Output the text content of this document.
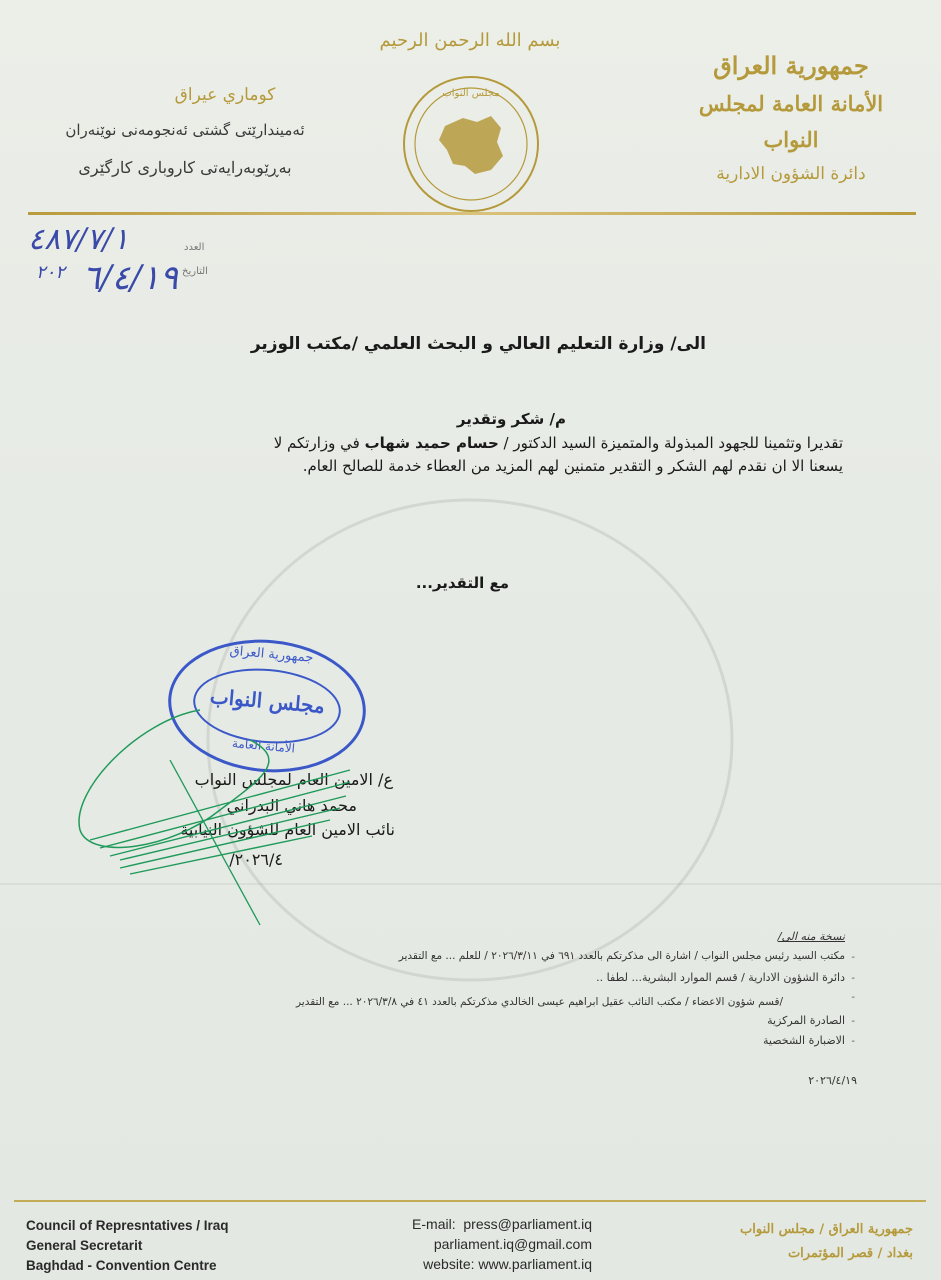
جمهورية العراق
الأمانة العامة لمجلس النواب
دائرة الشؤون الادارية
بسم الله الرحمن الرحيم
مجلس النواب
كوماري عيراق
ئه‌میندارێتی گشتی ئه‌نجومه‌نی نوێنه‌ران
به‌ڕێوبه‌رایه‌تی كاروباری كارگێری
٤٨٧/٧/١	العدد
٢٠٢ ٦/٤/١٩ التاريخ
الى/ وزارة التعليم العالي و البحث العلمي /مكتب الوزير
م/ شكر وتقدير
تقديرا وتثمينا للجهود المبذولة والمتميزة السيد الدكتور / حسام حميد شهاب في وزارتكم لا
يسعنا الا ان نقدم لهم الشكر و التقدير متمنين لهم المزيد من العطاء خدمة للصالح العام.
مع التقدير...
جمهورية العراق
مجلس النواب
الأمانة العامة
ع/ الامين العام لمجلس النواب
محمد هاني البدراني
نائب الامين العام للشؤون النيابية
٢٠٢٦/٤/
نسخة منه الى/
مكتب السيد رئيس مجلس النواب / اشارة الى مذكرتكم بالعدد ٦٩١ في ٢٠٢٦/٣/١١ / للعلم ... مع التقدير
دائرة الشؤون الادارية / قسم الموارد البشرية... لطفا ..
/قسم شؤون الاعضاء / مكتب النائب عقيل ابراهيم عيسى الخالدي مذكرتكم بالعدد ٤١ في ٢٠٢٦/٣/٨ ... مع التقدير
الصادرة المركزية
الاضبارة الشخصية
-
-
-
-
-
٢٠٢٦/٤/١٩
Council of Represntatives / Iraq
General Secretarit
Baghdad - Convention Centre
E-mail: press@parliament.iq
parliament.iq@gmail.com
website: www.parliament.iq
جمهورية العراق / مجلس النواب
بغداد / قصر المؤتمرات
